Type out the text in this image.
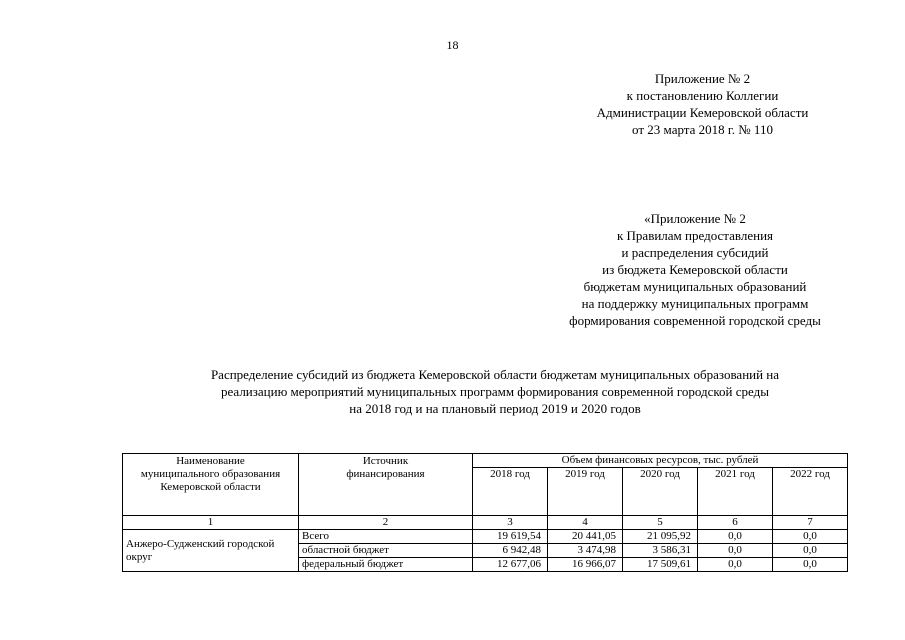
18
Приложение № 2
к постановлению Коллегии
Администрации Кемеровской области
от 23 марта 2018 г. № 110
«Приложение № 2
к Правилам предоставления
и распределения субсидий
из бюджета Кемеровской области
бюджетам муниципальных образований
на поддержку муниципальных программ
формирования современной городской среды
Распределение субсидий из бюджета Кемеровской области бюджетам муниципальных образований на
реализацию мероприятий муниципальных программ формирования современной городской среды
на 2018 год и на плановый период 2019 и 2020 годов
Наименование муниципального образования Кемеровской области	Источник финансирования	Объем финансовых ресурсов, тыс. рублей				
		2018 год	2019 год	2020 год	2021 год	2022 год
1	2	3	4	5	6	7
Анжеро-Судженский городской округ	Всего	19 619,54	20 441,05	21 095,92	0,0	0,0
	областной бюджет	6 942,48	3 474,98	3 586,31	0,0	0,0
	федеральный бюджет	12 677,06	16 966,07	17 509,61	0,0	0,0
